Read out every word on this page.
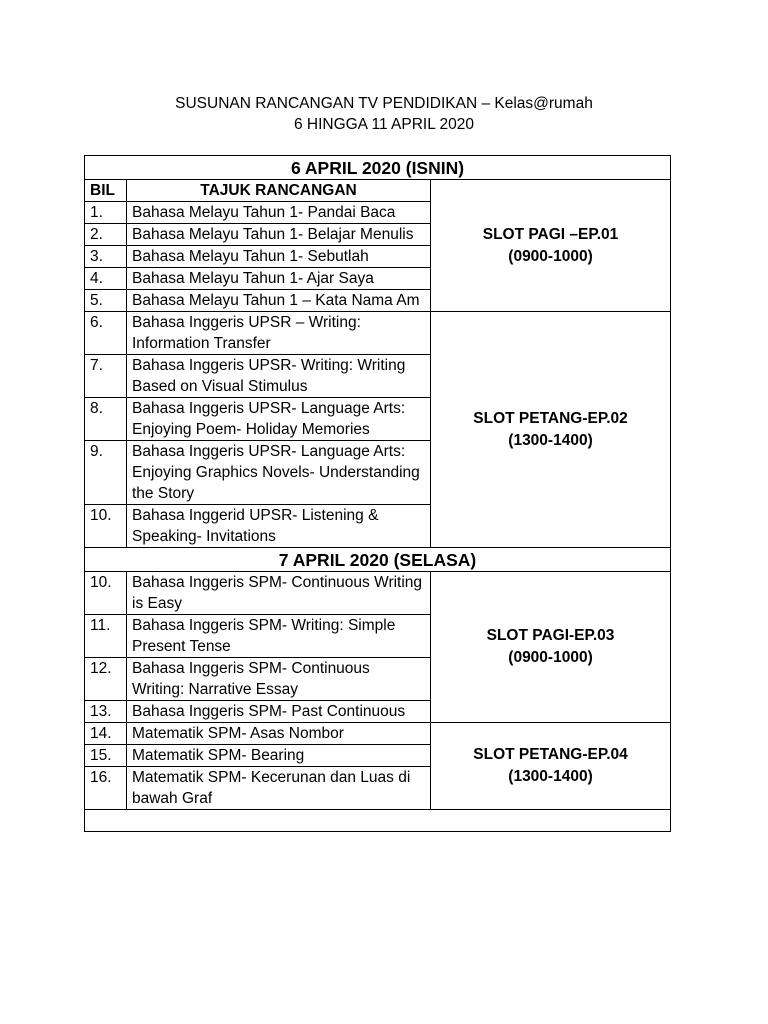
SUSUNAN RANCANGAN TV PENDIDIKAN – Kelas@rumah
6 HINGGA 11 APRIL 2020
6 APRIL 2020 (ISNIN)		
BIL	TAJUK RANCANGAN	SLOT PAGI –EP.01
(0900-1000)

1.	Bahasa Melayu Tahun 1- Pandai Baca	
2.	Bahasa Melayu Tahun 1- Belajar Menulis	
3.	Bahasa Melayu Tahun 1- Sebutlah	
4.	Bahasa Melayu Tahun 1- Ajar Saya	
5.	Bahasa Melayu Tahun 1 – Kata Nama Am	
6.	Bahasa Inggeris UPSR – Writing: Information Transfer	SLOT PETANG-EP.02
(1300-1400)

7.	Bahasa Inggeris UPSR- Writing: Writing Based on Visual Stimulus	
8.	Bahasa Inggeris UPSR- Language Arts: Enjoying Poem- Holiday Memories	
9.	Bahasa Inggeris UPSR- Language Arts: Enjoying Graphics Novels- Understanding the Story	
10.	Bahasa Inggerid UPSR- Listening & Speaking- Invitations	
7 APRIL 2020 (SELASA)		
10.	Bahasa Inggeris SPM- Continuous Writing is Easy	SLOT PAGI-EP.03
(0900-1000)

11.	Bahasa Inggeris SPM- Writing: Simple Present Tense	
12.	Bahasa Inggeris SPM- Continuous Writing: Narrative Essay	
13.	Bahasa Inggeris SPM- Past Continuous	
14.	Matematik SPM- Asas Nombor	SLOT PETANG-EP.04
(1300-1400)

15.	Matematik SPM- Bearing	
16.	Matematik SPM- Kecerunan dan Luas di bawah Graf	
